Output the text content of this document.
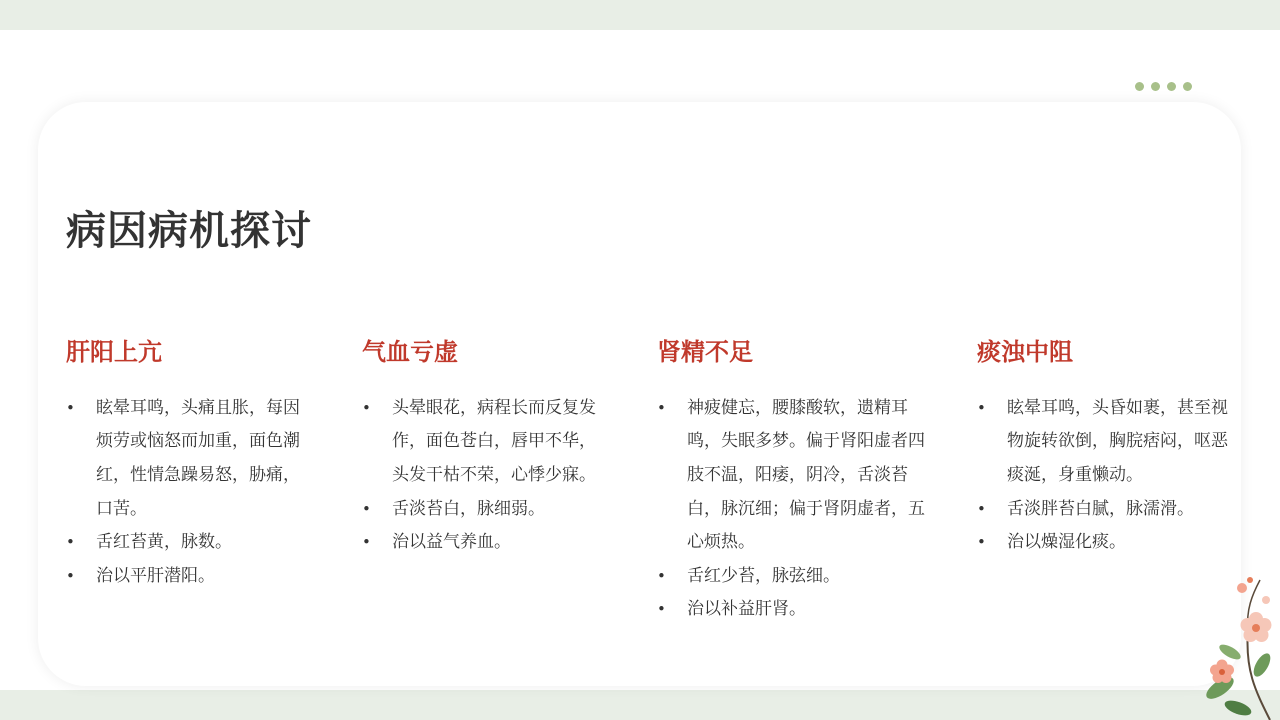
病因病机探讨
肝阳上亢
• 眩晕耳鸣，头痛且胀，每因烦劳或恼怒而加重，面色潮红，性情急躁易怒，胁痛，口苦。
• 舌红苔黄，脉数。
• 治以平肝潜阳。
气血亏虚
• 头晕眼花，病程长而反复发作，面色苍白，唇甲不华，头发干枯不荣，心悸少寐。
• 舌淡苔白，脉细弱。
• 治以益气养血。
肾精不足
• 神疲健忘，腰膝酸软，遗精耳鸣，失眠多梦。偏于肾阳虚者四肢不温，阳痿，阴冷，舌淡苔白，脉沉细；偏于肾阴虚者，五心烦热。
• 舌红少苔，脉弦细。
• 治以补益肝肾。
痰浊中阻
• 眩晕耳鸣，头昏如裹，甚至视物旋转欲倒，胸脘痞闷，呕恶痰涎，身重懒动。
• 舌淡胖苔白腻，脉濡滑。
• 治以燥湿化痰。
